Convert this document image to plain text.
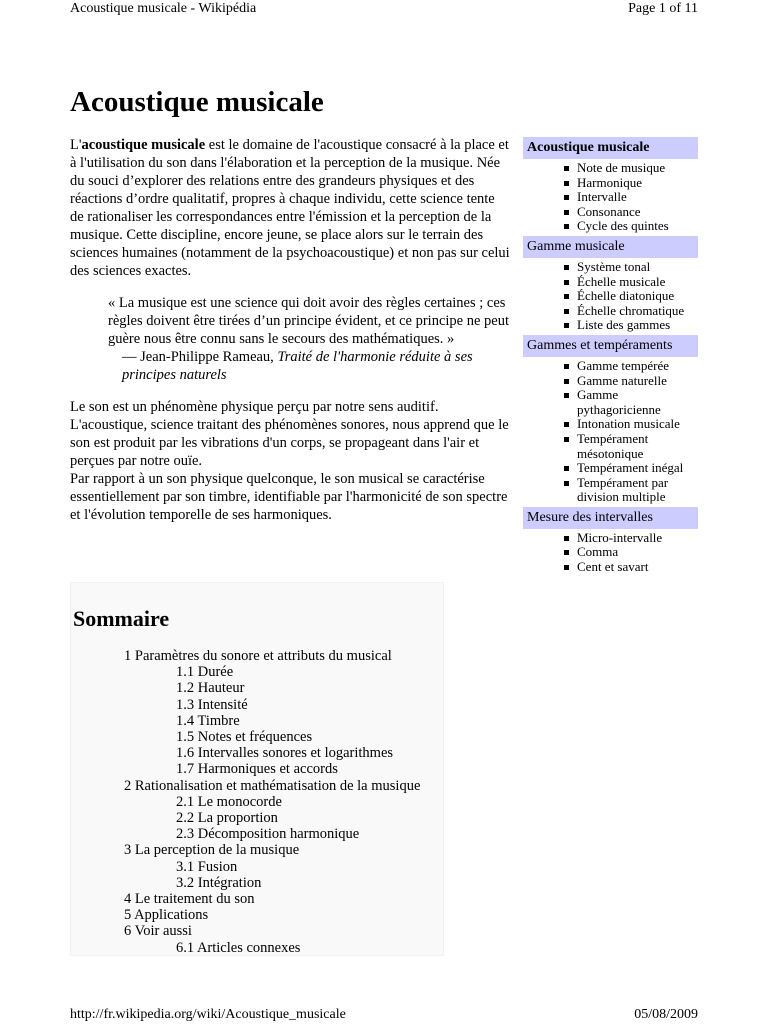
Acoustique musicale - Wikipédia	Page 1 of 11
Acoustique musicale

L'acoustique musicale est le domaine de l'acoustique consacré à la place et à l'utilisation du son dans l'élaboration et la perception de la musique. Née du souci d’explorer des relations entre des grandeurs physiques et des réactions d’ordre qualitatif, propres à chaque individu, cette science tente de rationaliser les correspondances entre l'émission et la perception de la musique. Cette discipline, encore jeune, se place alors sur le terrain des sciences humaines (notamment de la psychoacoustique) et non pas sur celui des sciences exactes.

« La musique est une science qui doit avoir des règles certaines ; ces règles doivent être tirées d’un principe évident, et ce principe ne peut guère nous être connu sans le secours des mathématiques. »
— Jean-Philippe Rameau, Traité de l'harmonie réduite à ses principes naturels

Le son est un phénomène physique perçu par notre sens auditif. L'acoustique, science traitant des phénomènes sonores, nous apprend que le son est produit par les vibrations d'un corps, se propageant dans l'air et perçues par notre ouïe.

Par rapport à un son physique quelconque, le son musical se caractérise essentiellement par son timbre, identifiable par l'harmonicité de son spectre et l'évolution temporelle de ses harmoniques.

Sommaire
1 Paramètres du sonore et attributs du musical
1.1 Durée
1.2 Hauteur
1.3 Intensité
1.4 Timbre
1.5 Notes et fréquences
1.6 Intervalles sonores et logarithmes
1.7 Harmoniques et accords
2 Rationalisation et mathématisation de la musique
2.1 Le monocorde
2.2 La proportion
2.3 Décomposition harmonique
3 La perception de la musique
3.1 Fusion
3.2 Intégration
4 Le traitement du son
5 Applications
6 Voir aussi
6.1 Articles connexes
Acoustique musicale
Note de musique
Harmonique
Intervalle
Consonance
Cycle des quintes
Gamme musicale
Système tonal
Échelle musicale
Échelle diatonique
Échelle chromatique
Liste des gammes
Gammes et tempéraments
Gamme tempérée
Gamme naturelle
Gamme pythagoricienne
Intonation musicale
Tempérament mésotonique
Tempérament inégal
Tempérament par division multiple
Mesure des intervalles
Micro-intervalle
Comma
Cent et savart
http://fr.wikipedia.org/wiki/Acoustique_musicale	05/08/2009
